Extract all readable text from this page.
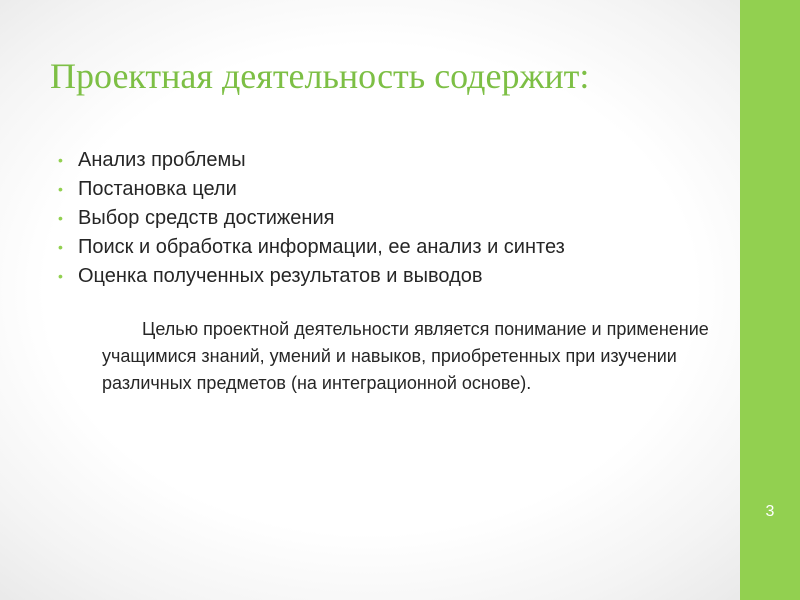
Проектная деятельность содержит:
• Анализ проблемы
• Постановка цели
• Выбор средств достижения
• Поиск и обработка информации, ее анализ и синтез
• Оценка полученных результатов и выводов

Целью проектной деятельности является понимание и применение учащимися знаний, умений и навыков, приобретенных при изучении различных предметов (на интеграционной основе).

3
